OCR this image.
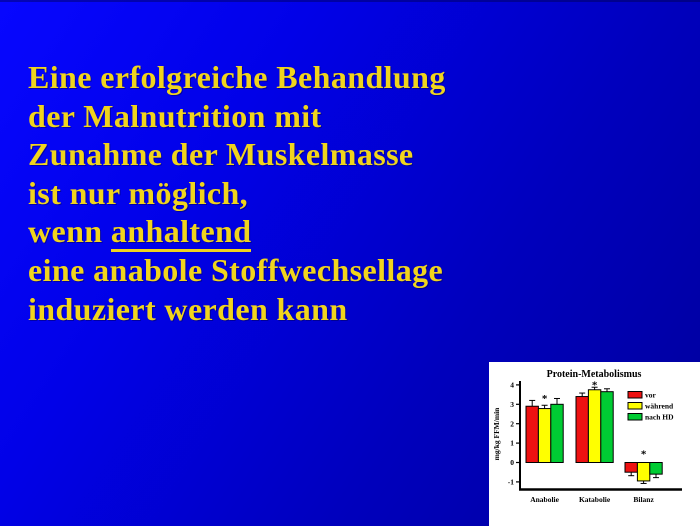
Eine erfolgreiche Behandlung
der Malnutrition mit
Zunahme der Muskelmasse
ist nur möglich,
wenn anhaltend
eine anabole Stoffwechsellage
induziert werden kann
Protein-Metabolismus
mg/kg FFM/min
4
3
2
1
0
-1
Anabolie	Katabolie	Bilanz
*
*
*
vor
während
nach HD
